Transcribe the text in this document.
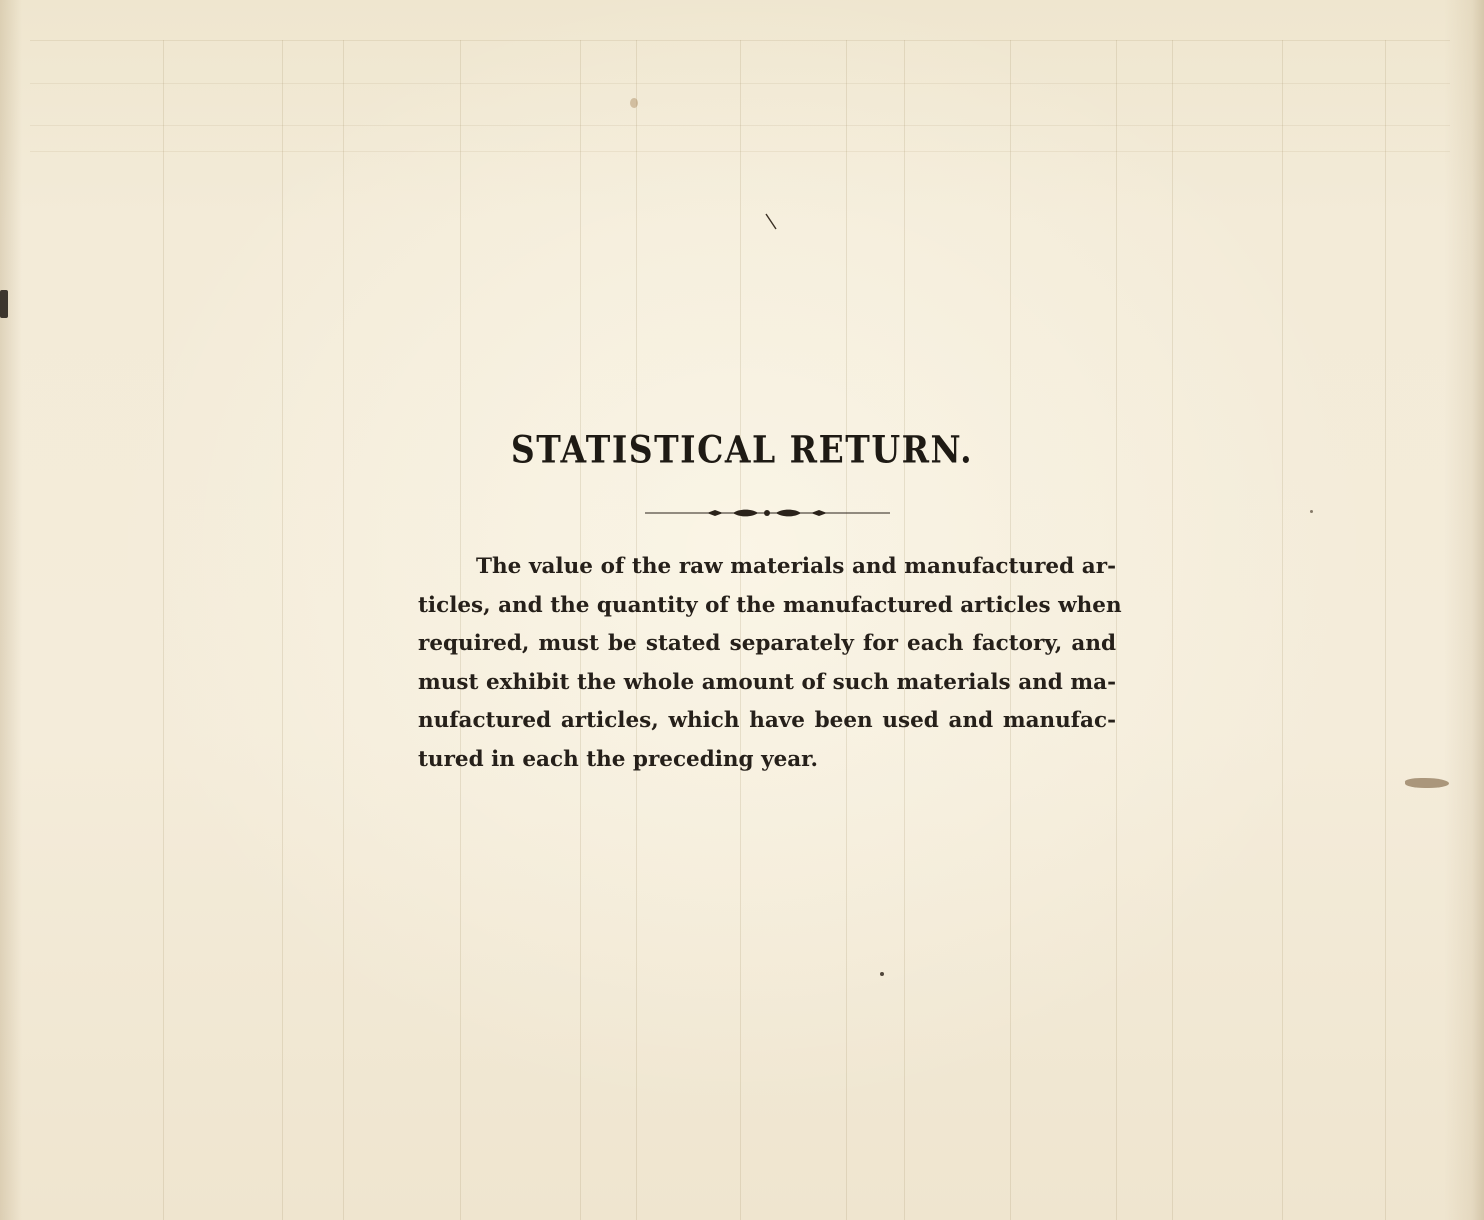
STATISTICAL RETURN.
The value of the raw materials and manufactured ar-
ticles, and the quantity of the manufactured articles when
required, must be stated separately for each factory, and
must exhibit the whole amount of such materials and ma-
nufactured articles, which have been used and manufac-
tured in each the preceding year.
